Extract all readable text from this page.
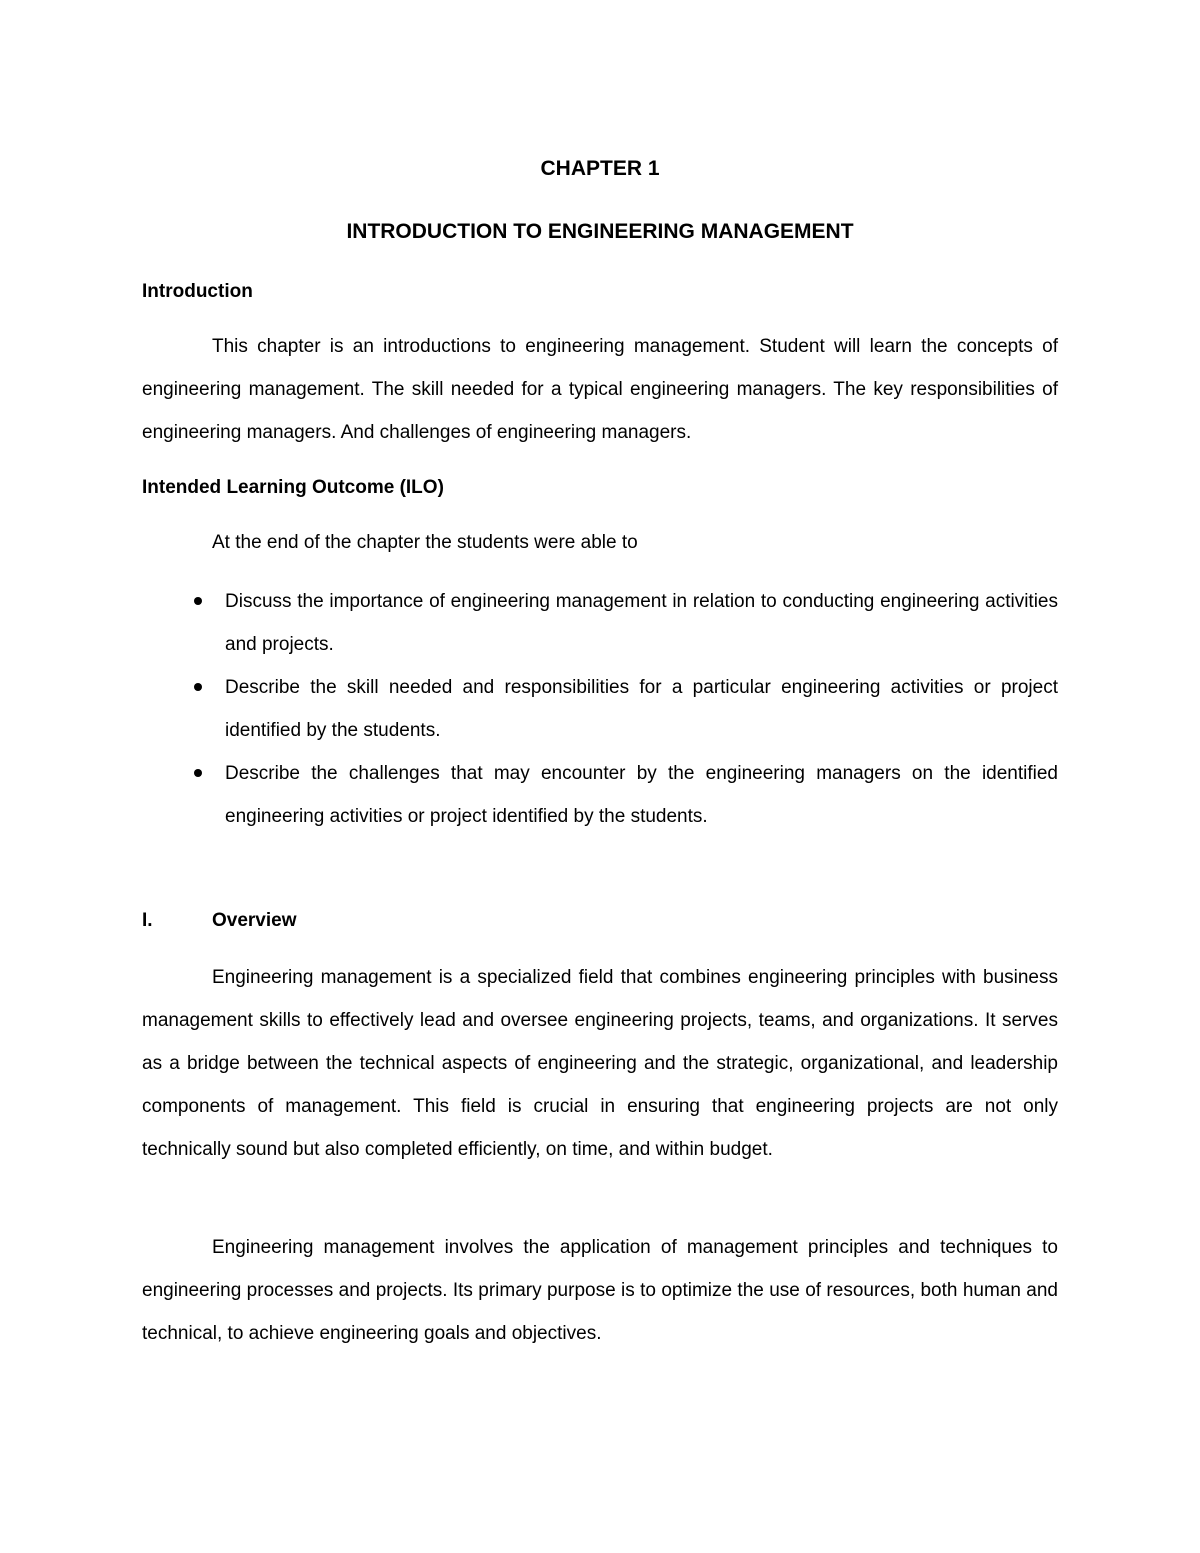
CHAPTER 1
INTRODUCTION TO ENGINEERING MANAGEMENT
Introduction

This chapter is an introductions to engineering management. Student will learn the concepts of engineering management. The skill needed for a typical engineering managers. The key responsibilities of engineering managers. And challenges of engineering managers.

Intended Learning Outcome (ILO)
At the end of the chapter the students were able to
Discuss the importance of engineering management in relation to conducting engineering activities and projects.
Describe the skill needed and responsibilities for a particular engineering activities or project identified by the students.
Describe the challenges that may encounter by the engineering managers on the identified engineering activities or project identified by the students.
I.	Overview

Engineering management is a specialized field that combines engineering principles with business management skills to effectively lead and oversee engineering projects, teams, and organizations. It serves as a bridge between the technical aspects of engineering and the strategic, organizational, and leadership components of management. This field is crucial in ensuring that engineering projects are not only technically sound but also completed efficiently, on time, and within budget.

Engineering management involves the application of management principles and techniques to engineering processes and projects. Its primary purpose is to optimize the use of resources, both human and technical, to achieve engineering goals and objectives.
